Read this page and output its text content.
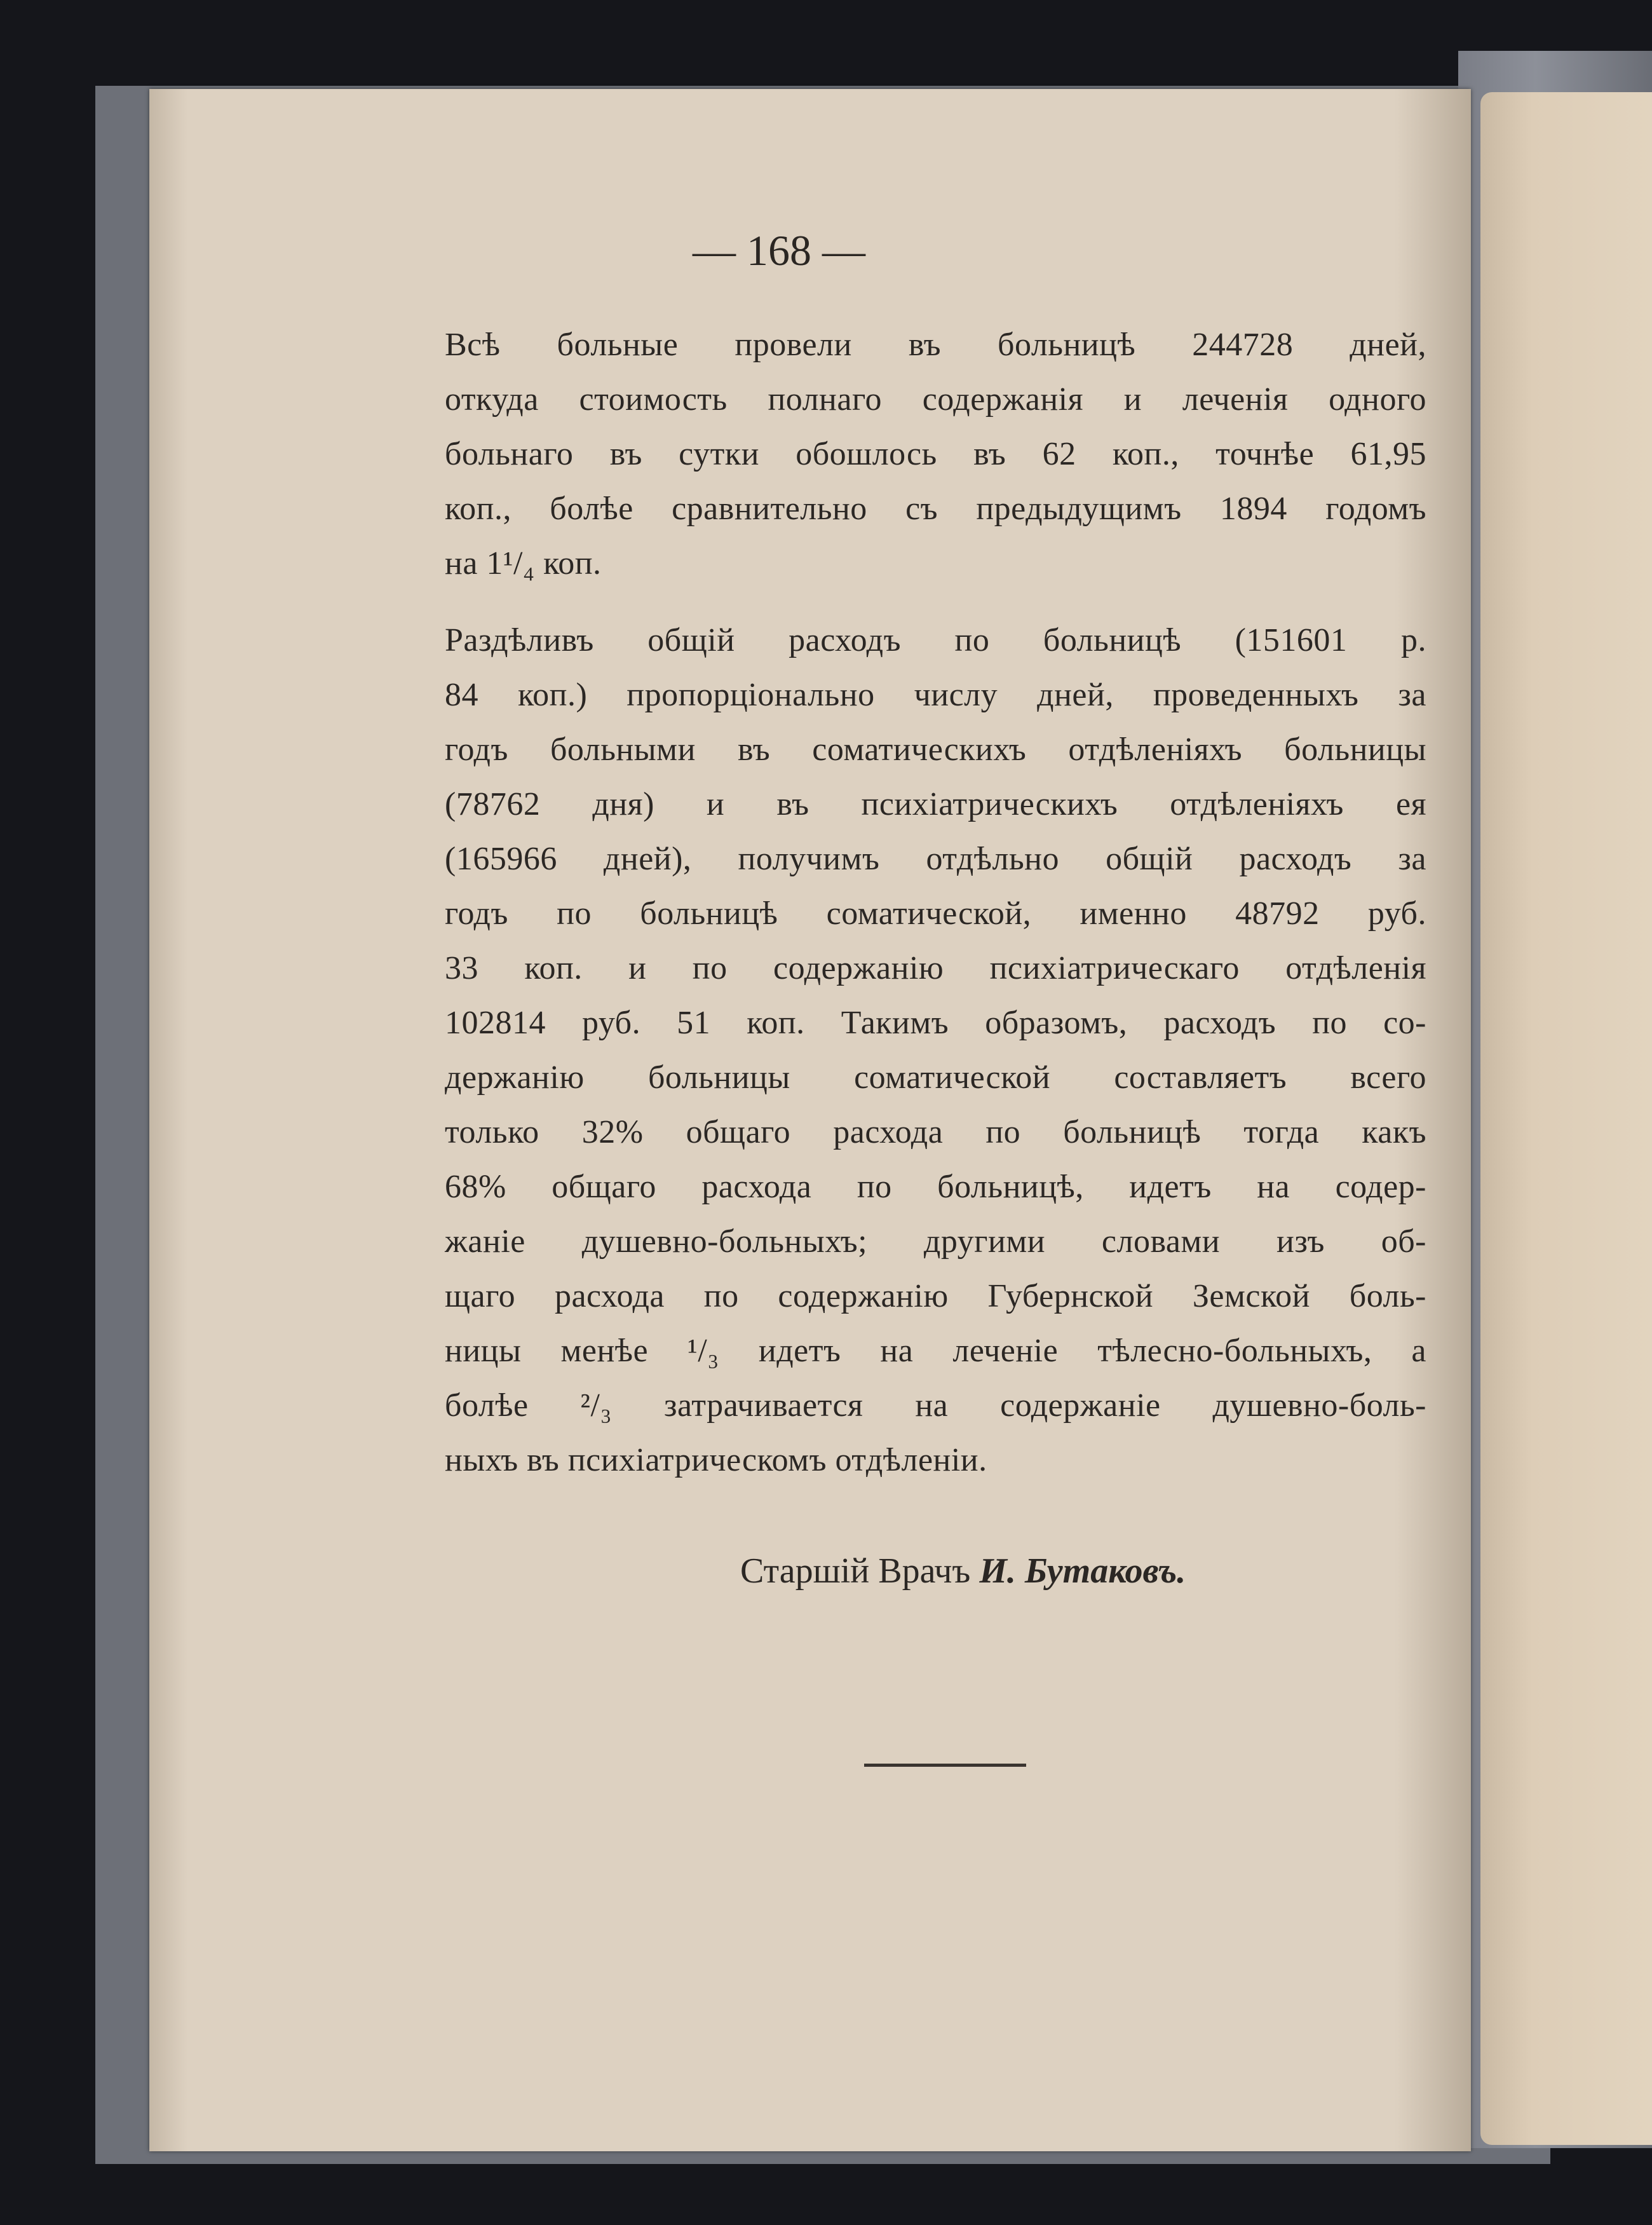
— 168 —
Всѣ больные провели въ больницѣ 244728 дней,
откуда стоимость полнаго содержанія и леченія одного
больнаго въ сутки обошлось въ 62 коп., точнѣе 61,95
коп., болѣе сравнительно съ предыдущимъ 1894 годомъ
на 1¹/₄ коп.
Раздѣливъ общій расходъ по больницѣ (151601 р.
84 коп.) пропорціонально числу дней, проведенныхъ за
годъ больными въ соматическихъ отдѣленіяхъ больницы
(78762 дня) и въ психіатрическихъ отдѣленіяхъ ея
(165966 дней), получимъ отдѣльно общій расходъ за
годъ по больницѣ соматической, именно 48792 руб.
33 коп. и по содержанію психіатрическаго отдѣленія
102814 руб. 51 коп. Такимъ образомъ, расходъ по со-
держанію больницы соматической составляетъ всего
только 32% общаго расхода по больницѣ тогда какъ
68% общаго расхода по больницѣ, идетъ на содер-
жаніе душевно-больныхъ; другими словами изъ об-
щаго расхода по содержанію Губернской Земской боль-
ницы менѣе ¹/₃ идетъ на леченіе тѣлесно-больныхъ, а
болѣе ²/₃ затрачивается на содержаніе душевно-боль-
ныхъ въ психіатрическомъ отдѣленіи.
Старшій Врачъ И. Бутаковъ.
